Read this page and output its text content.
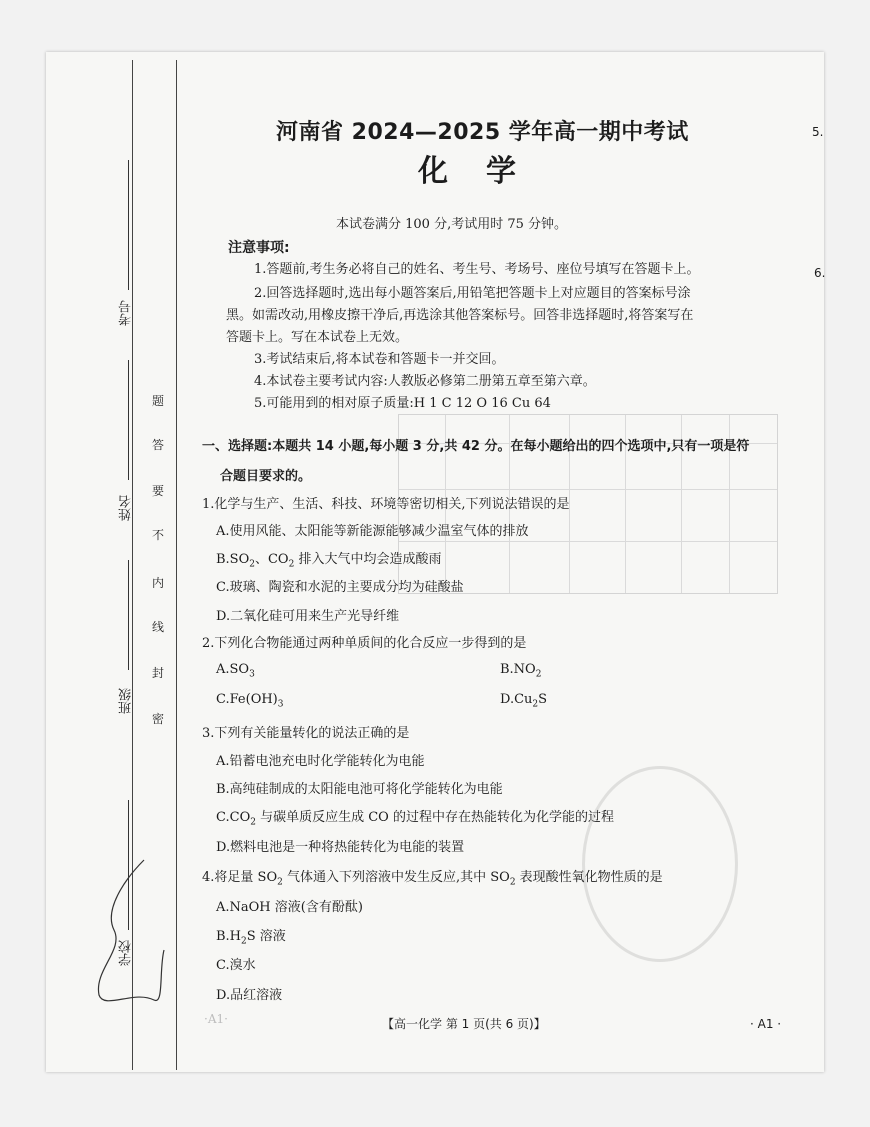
考号
姓名
班级
学校
题
答
要
不
内
线
封
密
河南省 2024—2025 学年高一期中考试
化学
本试卷满分 100 分,考试用时 75 分钟。
注意事项:
1.答题前,考生务必将自己的姓名、考生号、考场号、座位号填写在答题卡上。
2.回答选择题时,选出每小题答案后,用铅笔把答题卡上对应题目的答案标号涂
黑。如需改动,用橡皮擦干净后,再选涂其他答案标号。回答非选择题时,将答案写在
答题卡上。写在本试卷上无效。
3.考试结束后,将本试卷和答题卡一并交回。
4.本试卷主要考试内容:人教版必修第二册第五章至第六章。
5.可能用到的相对原子质量:H 1 C 12 O 16 Cu 64
一、选择题:本题共 14 小题,每小题 3 分,共 42 分。在每小题给出的四个选项中,只有一项是符
合题目要求的。
1.化学与生产、生活、科技、环境等密切相关,下列说法错误的是
A.使用风能、太阳能等新能源能够减少温室气体的排放
$B.SO_2$、$CO_2$ 排入大气中均会造成酸雨
C.玻璃、陶瓷和水泥的主要成分均为硅酸盐
D.二氧化硅可用来生产光导纤维
2.下列化合物能通过两种单质间的化合反应一步得到的是
$A.SO_3$	$B.NO_2$
$C.Fe(OH)_3$	$D.Cu_2S$
3.下列有关能量转化的说法正确的是
A.铅蓄电池充电时化学能转化为电能
B.高纯硅制成的太阳能电池可将化学能转化为电能
$C.CO_2$ 与碳单质反应生成 CO 的过程中存在热能转化为化学能的过程
D.燃料电池是一种将热能转化为电能的装置
4.将足量 $SO_2$ 气体通入下列溶液中发生反应,其中 $SO_2$ 表现酸性氧化物性质的是
A.NaOH 溶液(含有酚酞)
$B.H_2S$ 溶液
C.溴水
D.品红溶液
【高一化学 第 1 页(共 6 页)】	· A1 ·
·A1·
5.
6.
